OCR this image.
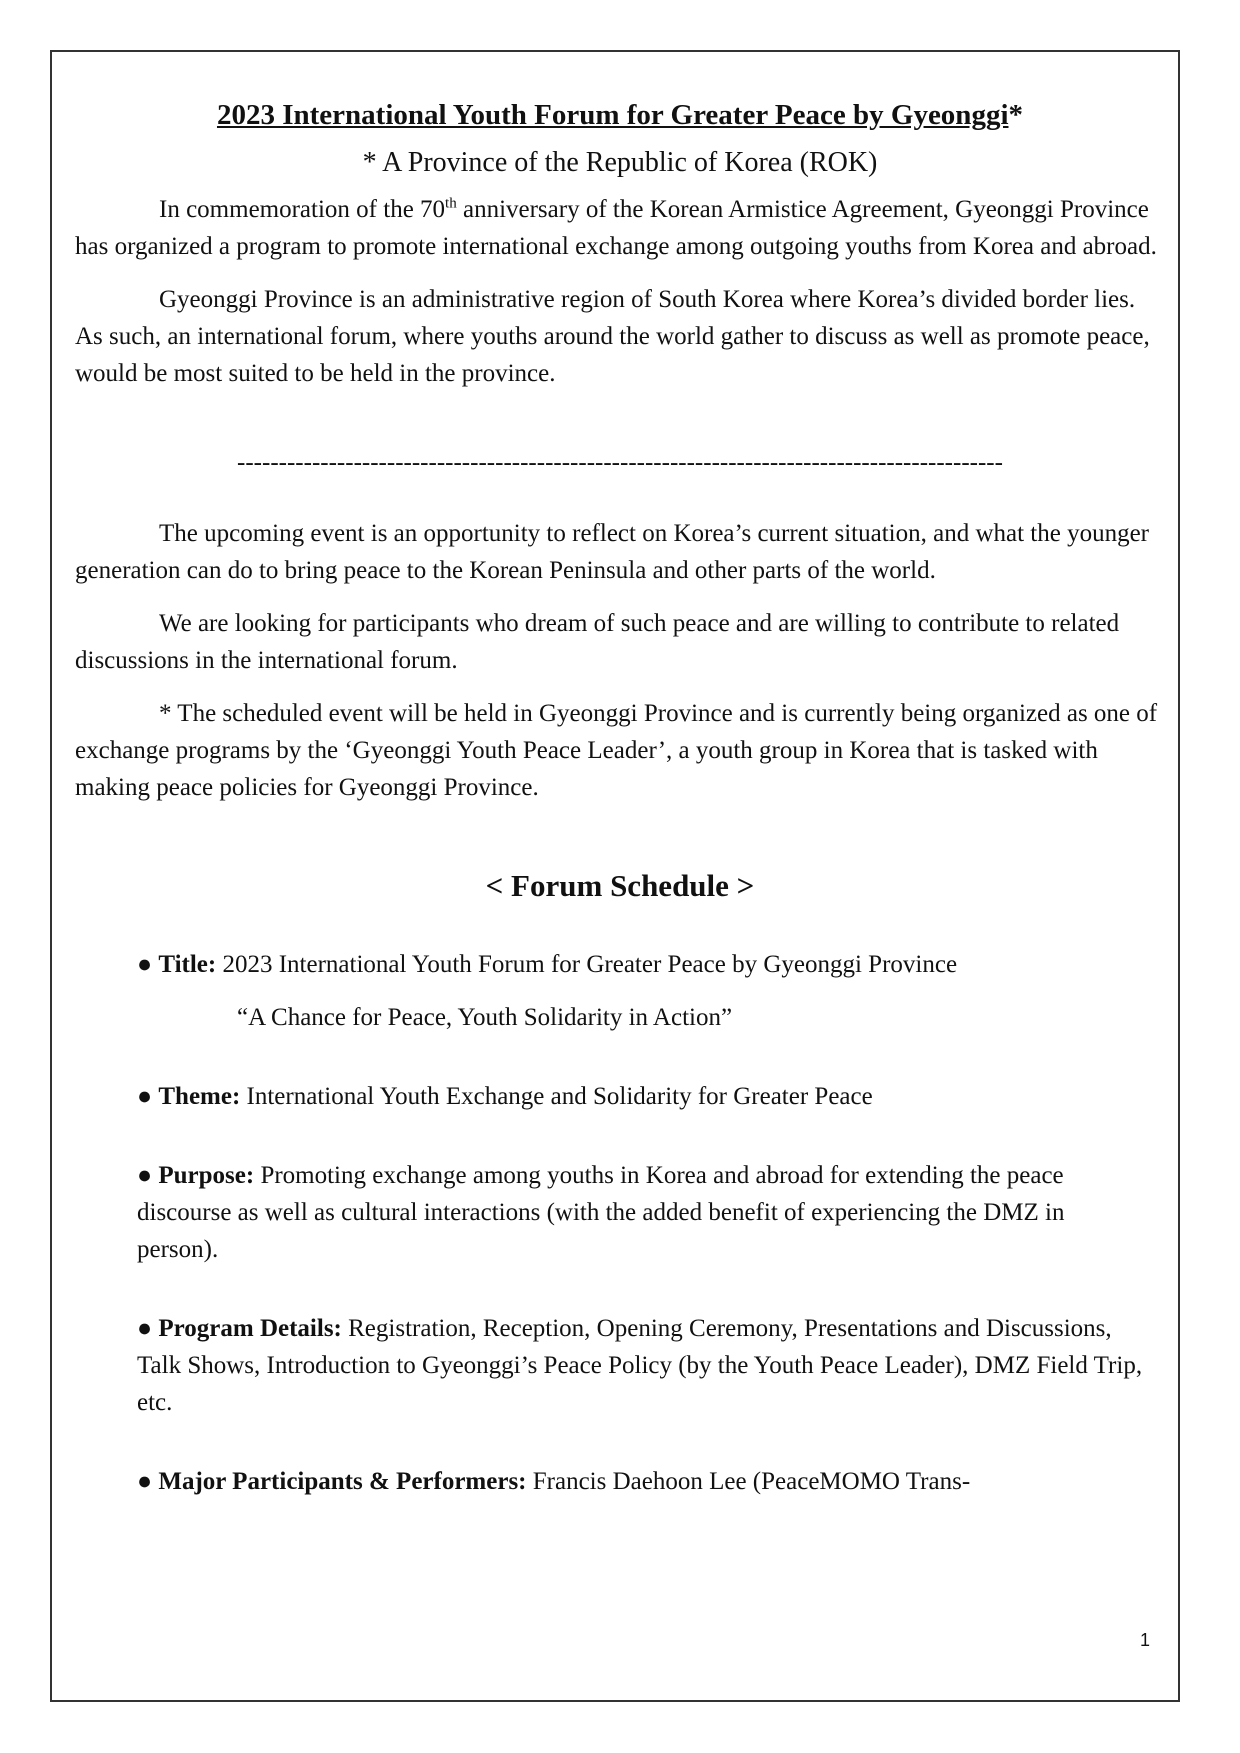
2023 International Youth Forum for Greater Peace by Gyeonggi*
* A Province of the Republic of Korea (ROK)

In commemoration of the 70th anniversary of the Korean Armistice Agreement, Gyeonggi Province has organized a program to promote international exchange among outgoing youths from Korea and abroad.

Gyeonggi Province is an administrative region of South Korea where Korea’s divided border lies. As such, an international forum, where youths around the world gather to discuss as well as promote peace, would be most suited to be held in the province.

--------------------------------------------------------------------------------------------

The upcoming event is an opportunity to reflect on Korea’s current situation, and what the younger generation can do to bring peace to the Korean Peninsula and other parts of the world.

We are looking for participants who dream of such peace and are willing to contribute to related discussions in the international forum.

* The scheduled event will be held in Gyeonggi Province and is currently being organized as one of exchange programs by the ‘Gyeonggi Youth Peace Leader’, a youth group in Korea that is tasked with making peace policies for Gyeonggi Province.

< Forum Schedule >
● Title: 2023 International Youth Forum for Greater Peace by Gyeonggi Province
“A Chance for Peace, Youth Solidarity in Action”
● Theme: International Youth Exchange and Solidarity for Greater Peace
● Purpose: Promoting exchange among youths in Korea and abroad for extending the peace discourse as well as cultural interactions (with the added benefit of experiencing the DMZ in person).
● Program Details: Registration, Reception, Opening Ceremony, Presentations and Discussions, Talk Shows, Introduction to Gyeonggi’s Peace Policy (by the Youth Peace Leader), DMZ Field Trip, etc.
● Major Participants & Performers: Francis Daehoon Lee (PeaceMOMO Trans-
1
